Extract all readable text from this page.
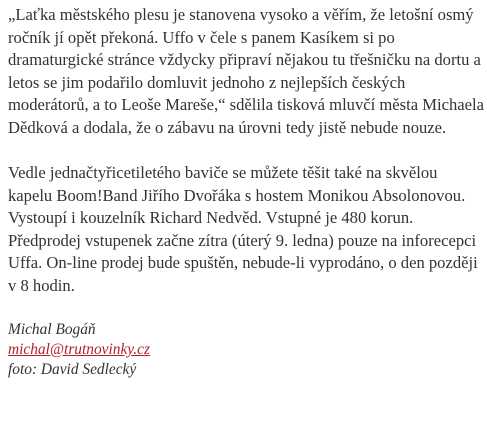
„Laťka městského plesu je stanovena vysoko a věřím, že letošní osmý ročník jí opět překoná. Uffo v čele s panem Kasíkem si po dramaturgické stránce vždycky připraví nějakou tu třešničku na dortu a letos se jim podařilo domluvit jednoho z nejlepších českých moderátorů, a to Leoše Mareše,“ sdělila tisková mluvčí města Michaela Dědková a dodala, že o zábavu na úrovni tedy jistě nebude nouze.

Vedle jednačtyřicetiletého baviče se můžete těšit také na skvělou kapelu Boom!Band Jiřího Dvořáka s hostem Monikou Absolonovou. Vystoupí i kouzelník Richard Nedvěd. Vstupné je 480 korun. Předprodej vstupenek začne zítra (úterý 9. ledna) pouze na inforecepci Uffa. On-line prodej bude spuštěn, nebude-li vyprodáno, o den později v 8 hodin.

Michal Bogáň
michal@trutnovinky.cz
foto: David Sedlecký
